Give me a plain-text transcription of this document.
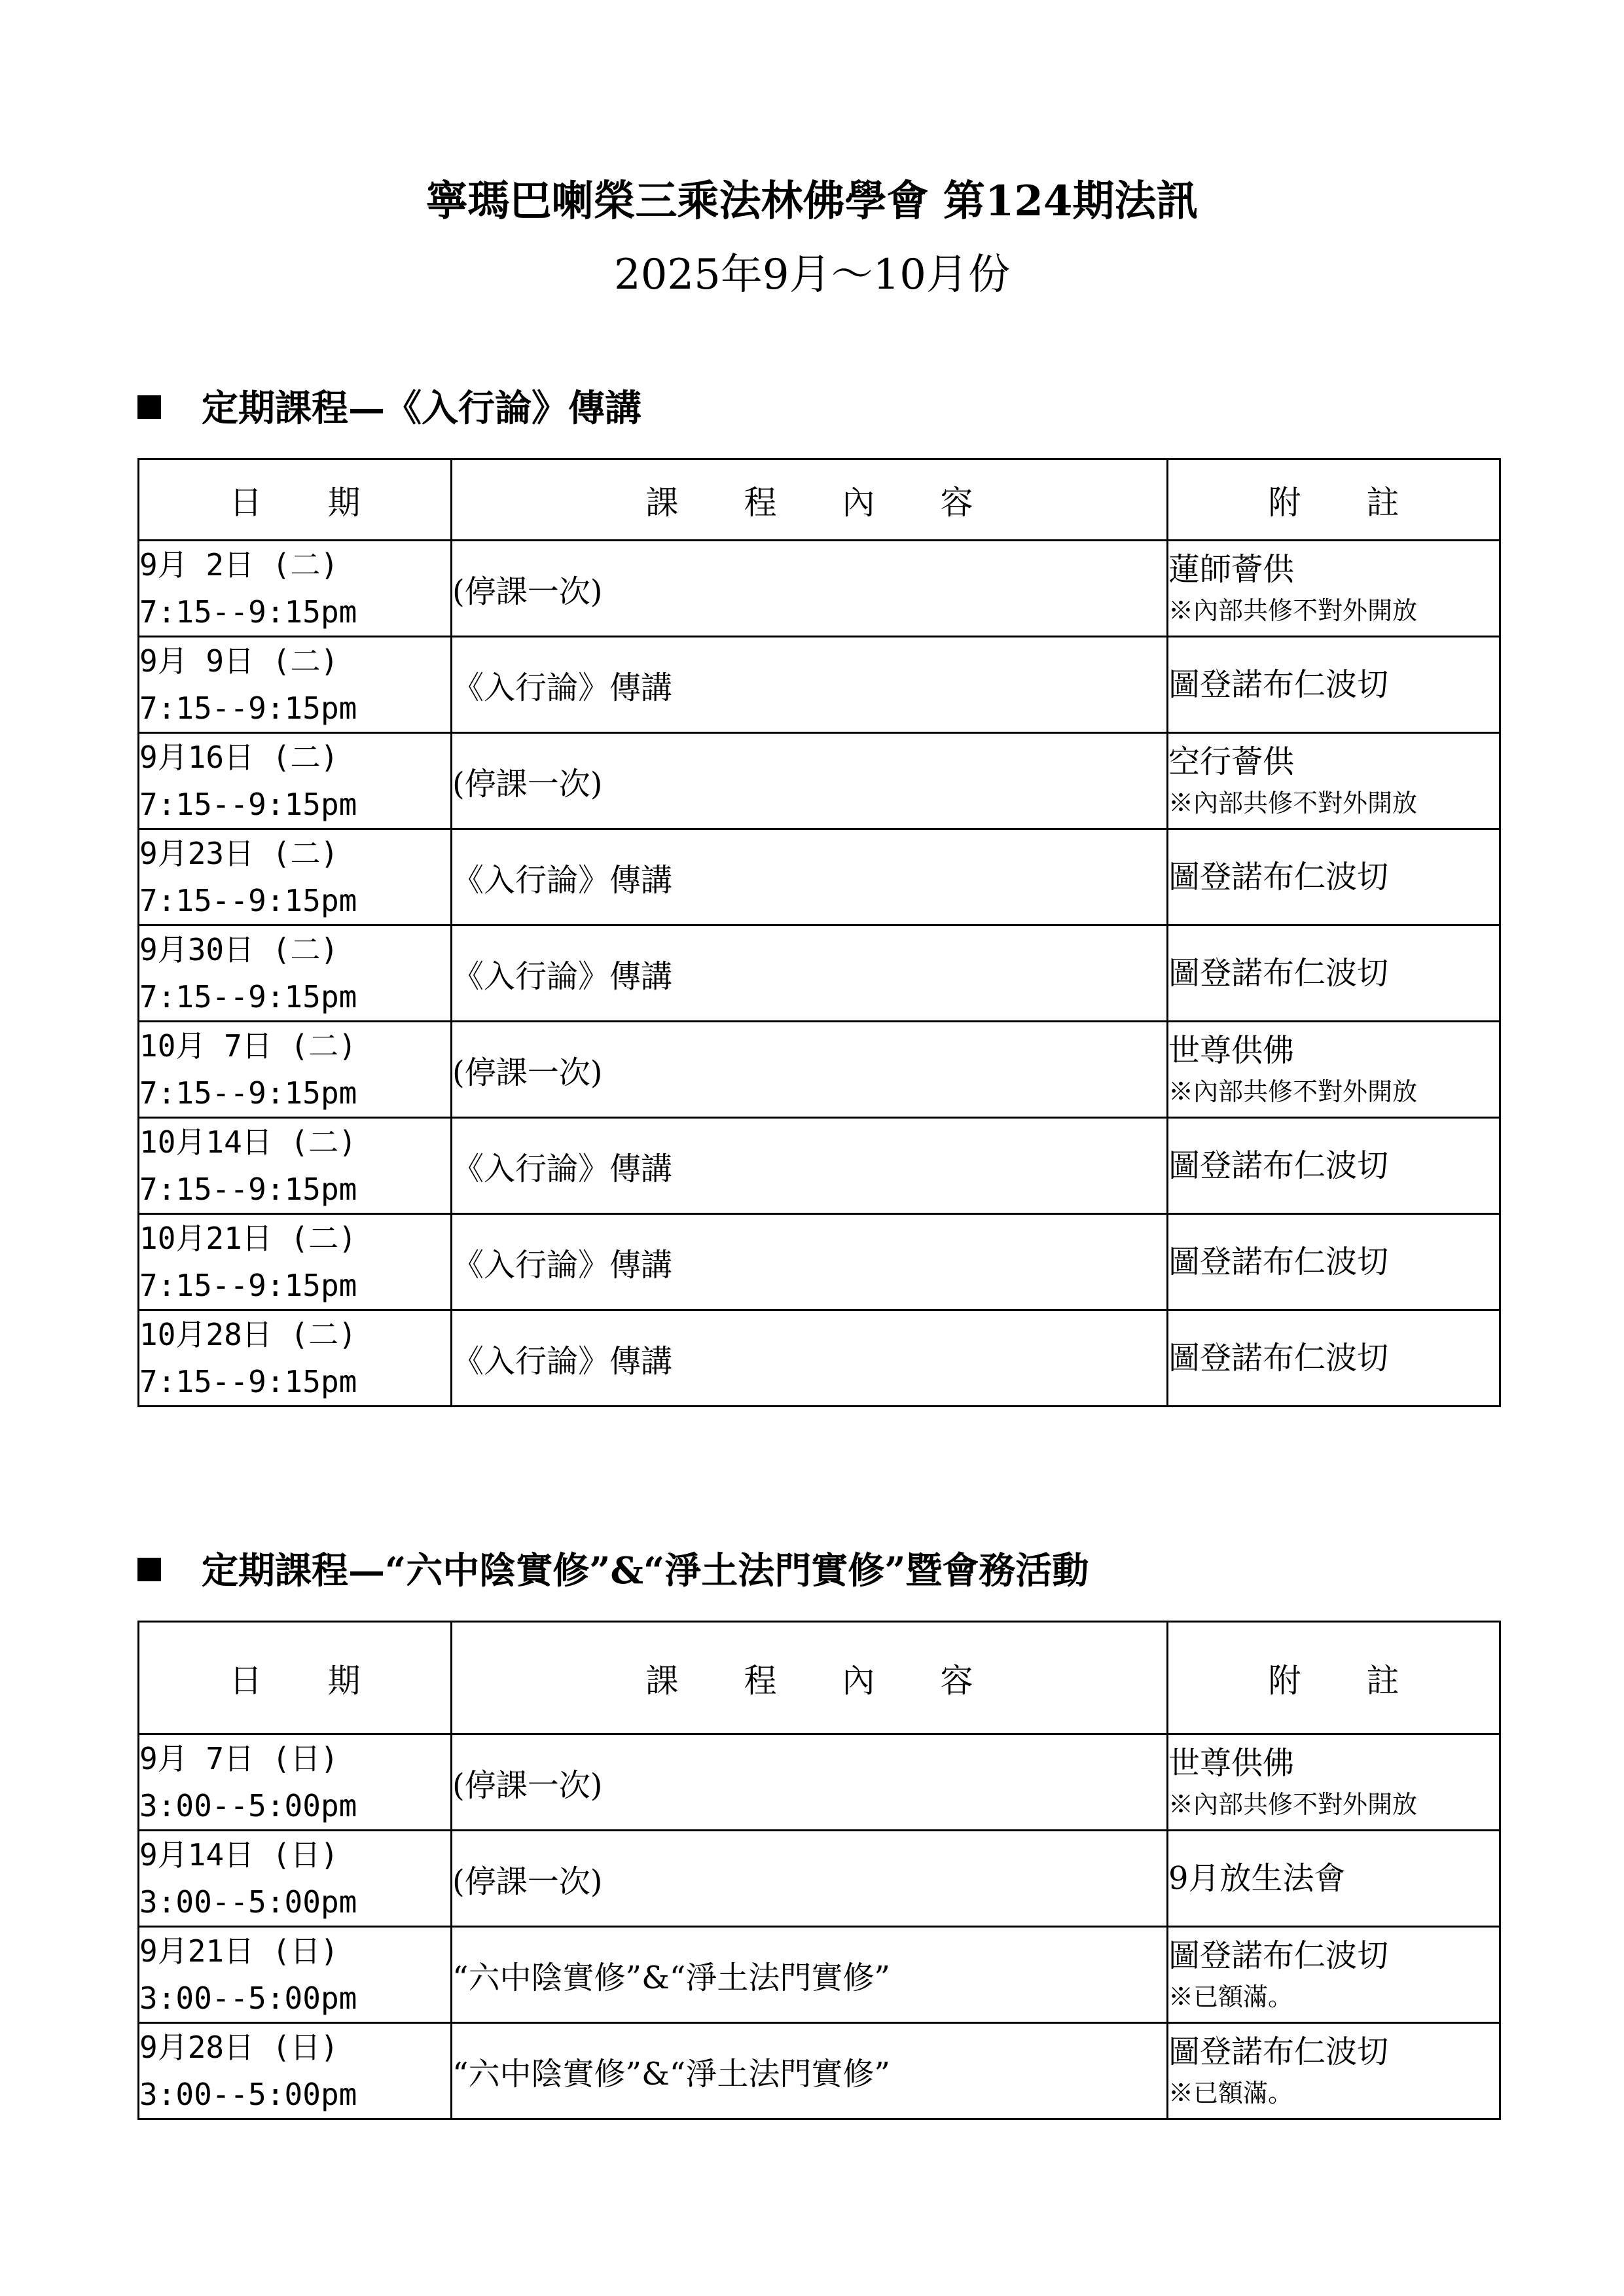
寧瑪巴喇榮三乘法林佛學會 第124期法訊
2025年9月～10月份
定期課程—《入行論》傳講
日　　期	課　　程　　內　　容	附　　註

9月 2日 (二)
7:15--9:15pm	(停課一次)	蓮師薈供
※內部共修不對外開放

9月 9日 (二)
7:15--9:15pm	《入行論》傳講	圖登諾布仁波切

9月16日 (二)
7:15--9:15pm	(停課一次)	空行薈供
※內部共修不對外開放

9月23日 (二)
7:15--9:15pm	《入行論》傳講	圖登諾布仁波切

9月30日 (二)
7:15--9:15pm	《入行論》傳講	圖登諾布仁波切

10月 7日 (二)
7:15--9:15pm	(停課一次)	世尊供佛
※內部共修不對外開放

10月14日 (二)
7:15--9:15pm	《入行論》傳講	圖登諾布仁波切

10月21日 (二)
7:15--9:15pm	《入行論》傳講	圖登諾布仁波切

10月28日 (二)
7:15--9:15pm	《入行論》傳講	圖登諾布仁波切
定期課程—“六中陰實修”&“淨土法門實修”暨會務活動
日　　期	課　　程　　內　　容	附　　註

9月 7日 (日)
3:00--5:00pm	(停課一次)	世尊供佛
※內部共修不對外開放

9月14日 (日)
3:00--5:00pm	(停課一次)	9月放生法會

9月21日 (日)
3:00--5:00pm	“六中陰實修”&“淨土法門實修”	圖登諾布仁波切
※已額滿。

9月28日 (日)
3:00--5:00pm	“六中陰實修”&“淨土法門實修”	圖登諾布仁波切
※已額滿。
